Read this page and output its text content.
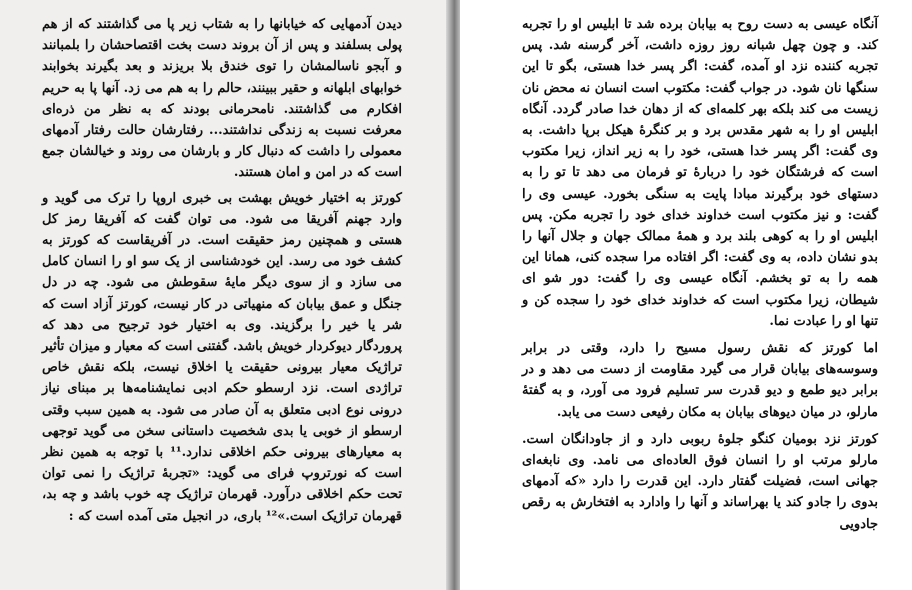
دیدن آدمهایی که خیابانها را به شتاب زیر پا می گذاشتند که از هم پولی بسلفند و پس از آن بروند دست بخت اقتصاحشان را بلمبانند و آبجو ناسالمشان را توی خندق بلا بریزند و بعد بگیرند بخوابند خوابهای ابلهانه و حقیر ببینند، حالم را به هم می زد. آنها پا به حریم افکارم می گذاشتند. نامحرمانی بودند که به نظر من ذره‌ای معرفت نسبت به زندگی نداشتند... رفتارشان حالت رفتار آدمهای معمولی را داشت که دنبال کار و بارشان می روند و خیالشان جمع است که در امن و امان هستند.

کورتز به اختیار خویش بهشت بی خبری اروپا را ترک می گوید و وارد جهنم آفریقا می شود. می توان گفت که آفریقا رمز کل هستی و همچنین رمز حقیقت است. در آفریقاست که کورتز به کشف خود می رسد. این خودشناسی از یک سو او را انسان کامل می سازد و از سوی دیگر مایهٔ سقوطش می شود. چه در دل جنگل و عمق بیابان که منهیاتی در کار نیست، کورتز آزاد است که شر یا خیر را برگزیند. وی به اختیار خود ترجیح می دهد که پروردگار دیوکردار خویش باشد. گفتنی است که معیار و میزان تأثیر تراژیک معیار بیرونی حقیقت یا اخلاق نیست، بلکه نقش خاص تراژدی است. نزد ارسطو حکم ادبی نمایشنامه‌ها بر مبنای نیاز درونی نوع ادبی متعلق به آن صادر می شود. به همین سبب وقتی ارسطو از خوبی یا بدی شخصیت داستانی سخن می گوید توجهی به معیارهای بیرونی حکم اخلاقی ندارد.¹¹ با توجه به همین نظر است که نورتروپ فرای می گوید: «تجربهٔ تراژیک را نمی توان تحت حکم اخلاقی درآورد. قهرمان تراژیک چه خوب باشد و چه بد، قهرمان تراژیک است.»¹² باری، در انجیل متی آمده است که :

آنگاه عیسی به دست روح به بیابان برده شد تا ابلیس او را تجربه کند. و چون چهل شبانه روز روزه داشت، آخر گرسنه شد. پس تجربه کننده نزد او آمده، گفت: اگر پسر خدا هستی، بگو تا این سنگها نان شود. در جواب گفت: مکتوب است انسان نه محض نان زیست می کند بلکه بهر کلمه‌ای که از دهان خدا صادر گردد. آنگاه ابلیس او را به شهر مقدس برد و بر کنگرهٔ هیکل برپا داشت. به وی گفت: اگر پسر خدا هستی، خود را به زیر انداز، زیرا مکتوب است که فرشتگان خود را دربارهٔ تو فرمان می دهد تا تو را به دستهای خود برگیرند مبادا پایت به سنگی بخورد. عیسی وی را گفت: و نیز مکتوب است خداوند خدای خود را تجربه مکن. پس ابلیس او را به کوهی بلند برد و همهٔ ممالک جهان و جلال آنها را بدو نشان داده، به وی گفت: اگر افتاده مرا سجده کنی، همانا این همه را به تو بخشم. آنگاه عیسی وی را گفت: دور شو ای شیطان، زیرا مکتوب است که خداوند خدای خود را سجده کن و تنها او را عبادت نما.

اما کورتز که نقش رسول مسیح را دارد، وقتی در برابر وسوسه‌های بیابان قرار می گیرد مقاومت از دست می دهد و در برابر دیو طمع و دیو قدرت سر تسلیم فرود می آورد، و به گفتهٔ مارلو، در میان دیوهای بیابان به مکان رفیعی دست می یابد.

کورتز نزد بومیان کنگو جلوهٔ ربوبی دارد و از جاودانگان است. مارلو مرتب او را انسان فوق العاده‌ای می نامد. وی نابغه‌ای جهانی است، فضیلت گفتار دارد. این قدرت را دارد «که آدمهای بدوی را جادو کند یا بهراساند و آنها را وادارد به افتخارش به رقص جادویی
